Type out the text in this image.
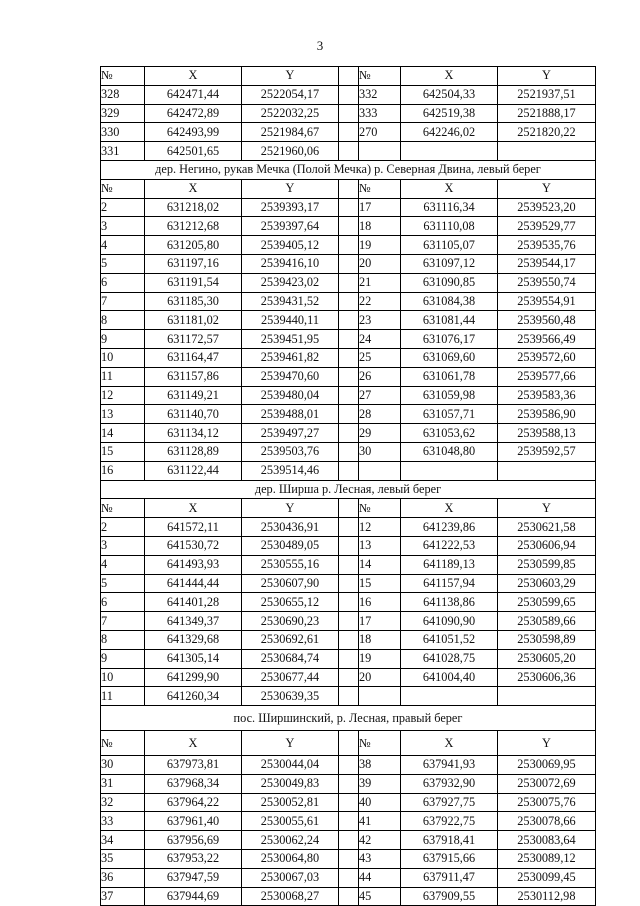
3
№	X	Y		№	X	Y
328	642471,44	2522054,17		332	642504,33	2521937,51
329	642472,89	2522032,25		333	642519,38	2521888,17
330	642493,99	2521984,67		270	642246,02	2521820,22
331	642501,65	2521960,06				
дер. Негино, рукав Мечка (Полой Мечка) р. Северная Двина, левый берег						
№	X	Y		№	X	Y
2	631218,02	2539393,17		17	631116,34	2539523,20
3	631212,68	2539397,64		18	631110,08	2539529,77
4	631205,80	2539405,12		19	631105,07	2539535,76
5	631197,16	2539416,10		20	631097,12	2539544,17
6	631191,54	2539423,02		21	631090,85	2539550,74
7	631185,30	2539431,52		22	631084,38	2539554,91
8	631181,02	2539440,11		23	631081,44	2539560,48
9	631172,57	2539451,95		24	631076,17	2539566,49
10	631164,47	2539461,82		25	631069,60	2539572,60
11	631157,86	2539470,60		26	631061,78	2539577,66
12	631149,21	2539480,04		27	631059,98	2539583,36
13	631140,70	2539488,01		28	631057,71	2539586,90
14	631134,12	2539497,27		29	631053,62	2539588,13
15	631128,89	2539503,76		30	631048,80	2539592,57
16	631122,44	2539514,46				
дер. Ширша р. Лесная, левый берег						
№	X	Y		№	X	Y
2	641572,11	2530436,91		12	641239,86	2530621,58
3	641530,72	2530489,05		13	641222,53	2530606,94
4	641493,93	2530555,16		14	641189,13	2530599,85
5	641444,44	2530607,90		15	641157,94	2530603,29
6	641401,28	2530655,12		16	641138,86	2530599,65
7	641349,37	2530690,23		17	641090,90	2530589,66
8	641329,68	2530692,61		18	641051,52	2530598,89
9	641305,14	2530684,74		19	641028,75	2530605,20
10	641299,90	2530677,44		20	641004,40	2530606,36
11	641260,34	2530639,35				
пос. Ширшинский, р. Лесная, правый берег						
№	X	Y		№	X	Y
30	637973,81	2530044,04		38	637941,93	2530069,95
31	637968,34	2530049,83		39	637932,90	2530072,69
32	637964,22	2530052,81		40	637927,75	2530075,76
33	637961,40	2530055,61		41	637922,75	2530078,66
34	637956,69	2530062,24		42	637918,41	2530083,64
35	637953,22	2530064,80		43	637915,66	2530089,12
36	637947,59	2530067,03		44	637911,47	2530099,45
37	637944,69	2530068,27		45	637909,55	2530112,98
